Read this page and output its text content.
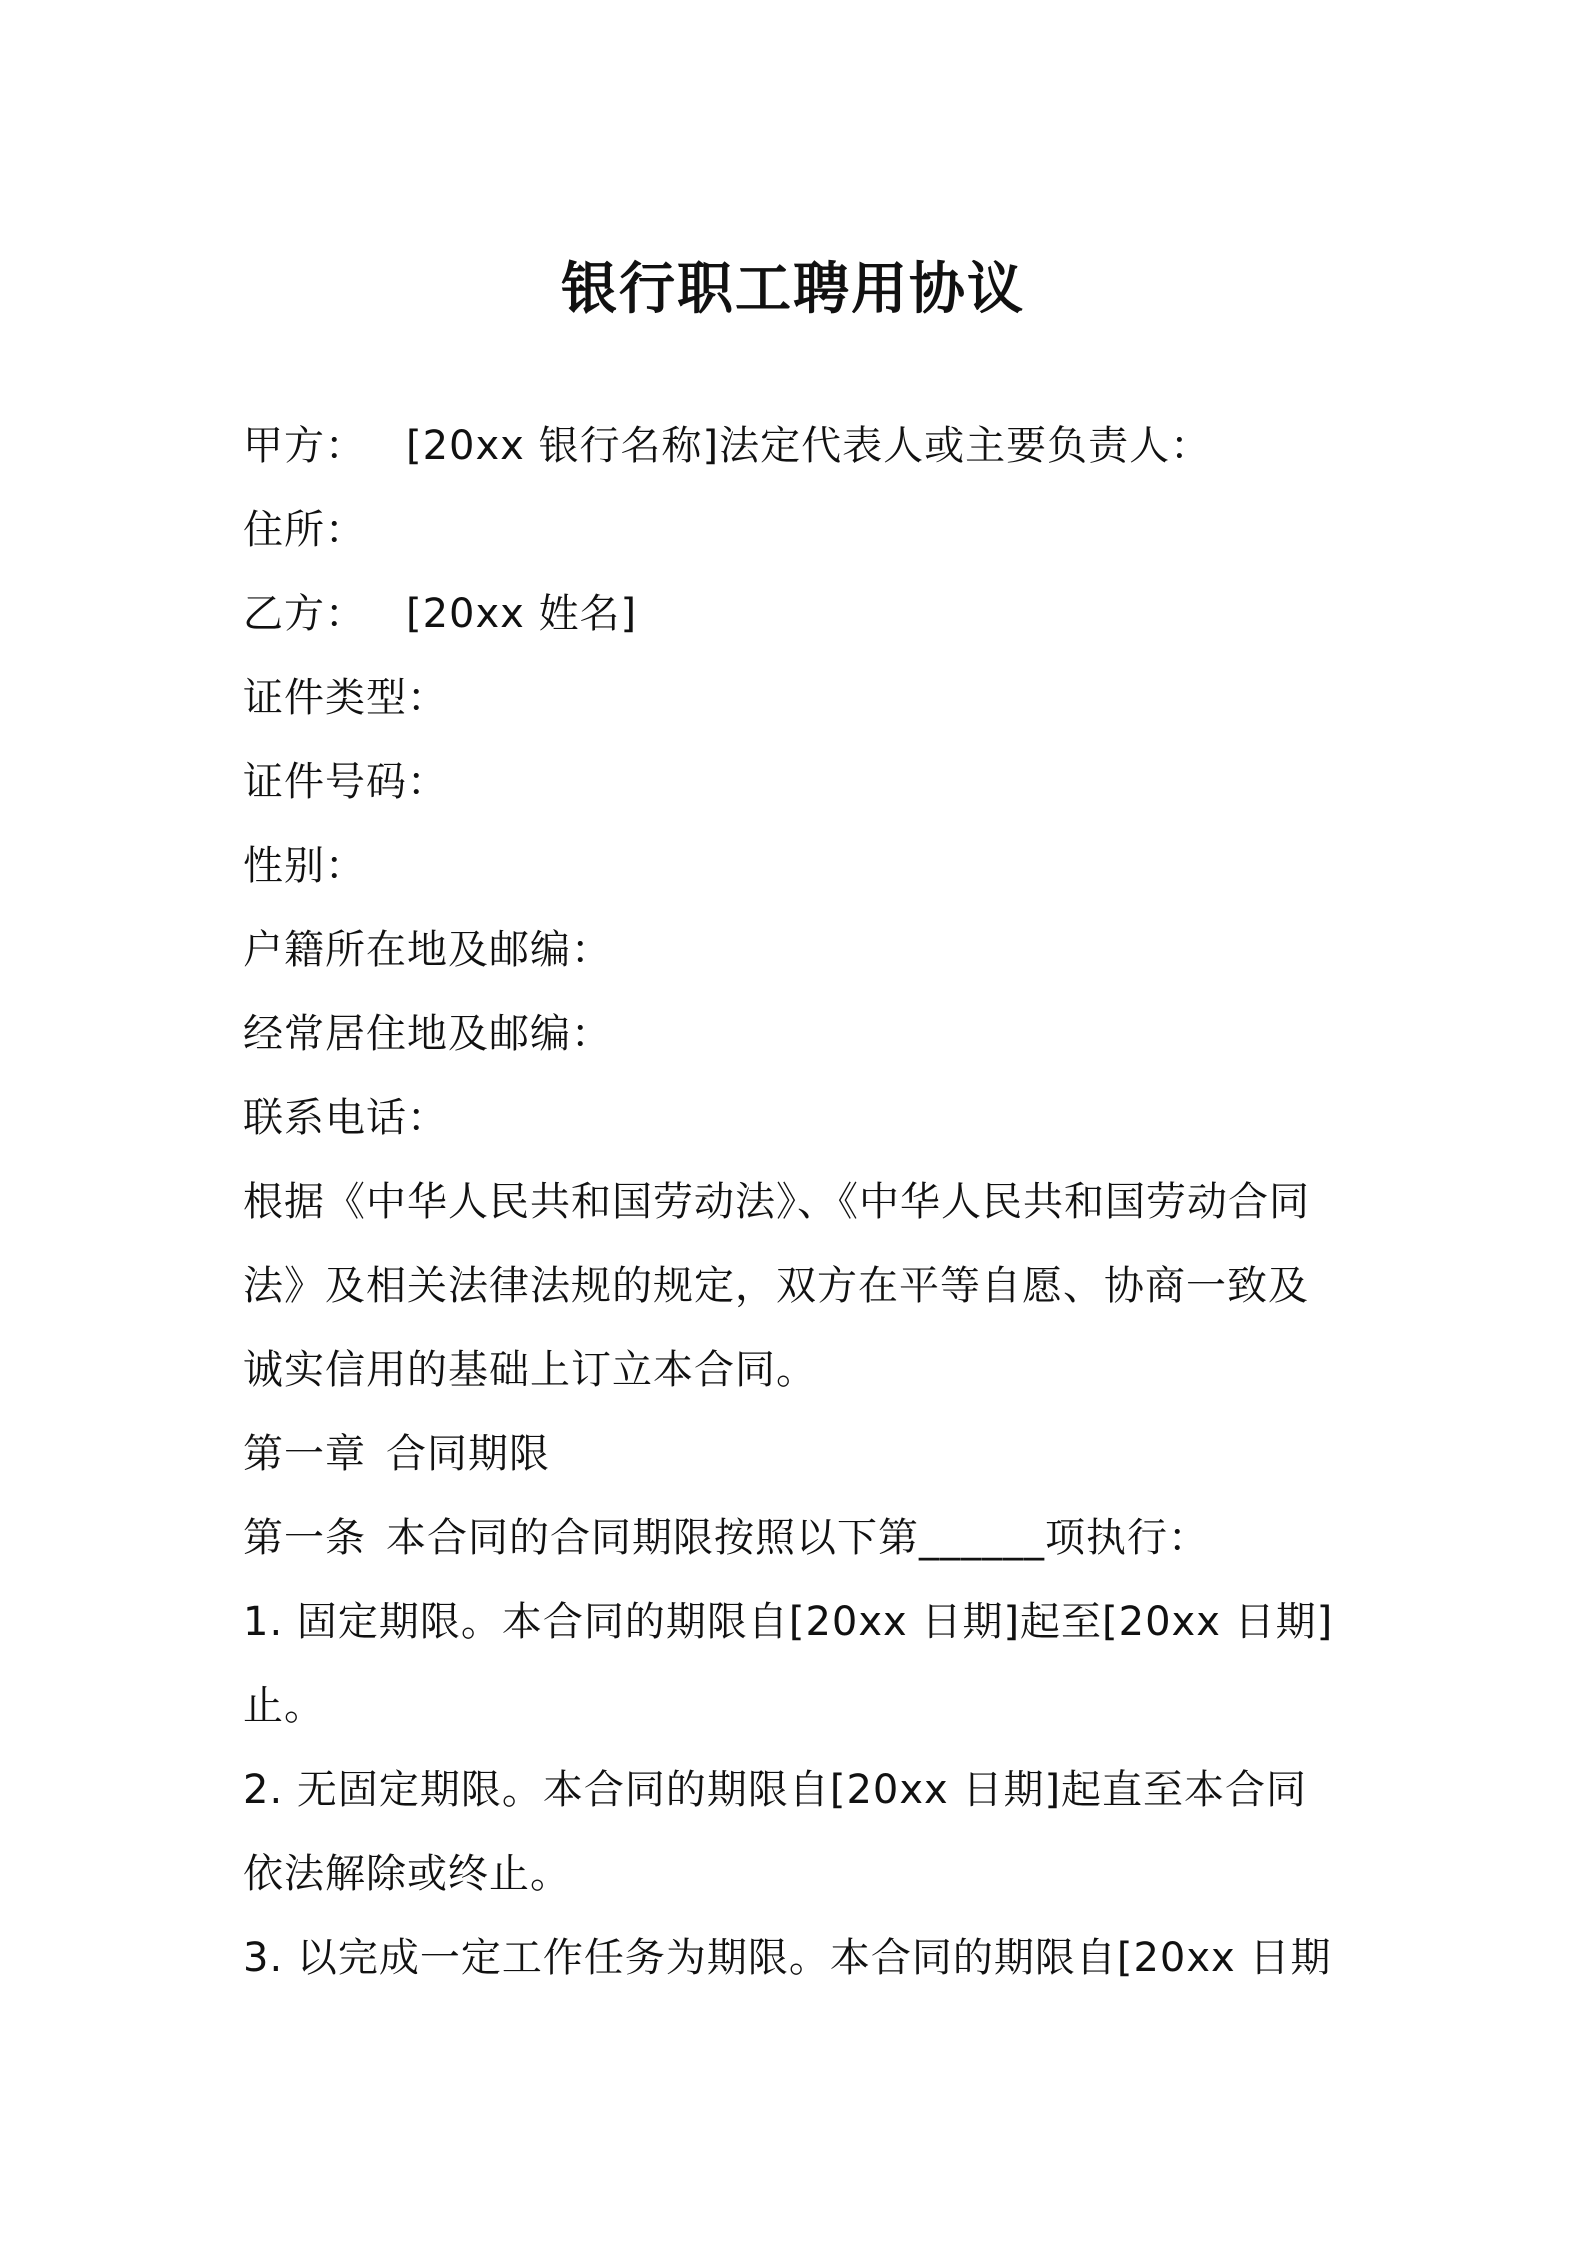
银行职工聘用协议
甲方： [20xx 银行名称]法定代表人或主要负责人：
住所：
乙方： [20xx 姓名]
证件类型：
证件号码：
性别：
户籍所在地及邮编：
经常居住地及邮编：
联系电话：
根据《中华人民共和国劳动法》、《中华人民共和国劳动合同
法》及相关法律法规的规定，双方在平等自愿、协商一致及
诚实信用的基础上订立本合同。
第一章 合同期限
第一条 本合同的合同期限按照以下第______项执行：
1. 固定期限。本合同的期限自[20xx 日期]起至[20xx 日期]
止。
2. 无固定期限。本合同的期限自[20xx 日期]起直至本合同
依法解除或终止。
3. 以完成一定工作任务为期限。本合同的期限自[20xx 日期
